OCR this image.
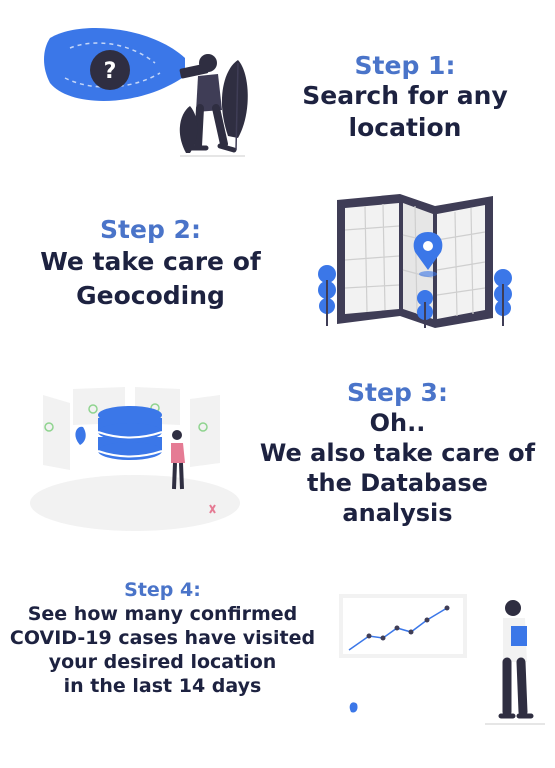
?	Step 1:
Search for any
location
Step 2:
We take care of
Geocoding
Step 3:
Oh..
We also take care of
the Database
analysis
Step 4:
See how many confirmed
COVID-19 cases have visited
your desired location
in the last 14 days
